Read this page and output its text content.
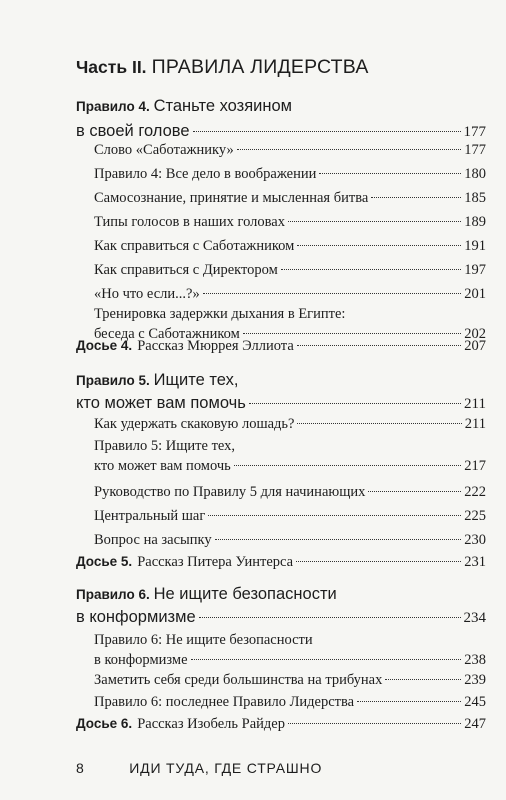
Часть II. ПРАВИЛА ЛИДЕРСТВА
Правило 4.
Станьте хозяином
в своей голове	177
Слово «Саботажнику»	177
Правило 4: Все дело в воображении	180
Самосознание, принятие и мысленная битва	185
Типы голосов в наших головах	189
Как справиться с Саботажником	191
Как справиться с Директором	197
«Но что если...?»	201
Тренировка задержки дыхания в Египте:
беседа с Саботажником	202
Досье 4. Рассказ Мюррея Эллиота	207
Правило 5.
Ищите тех,
кто может вам помочь	211
Как удержать скаковую лошадь?	211
Правило 5: Ищите тех,
кто может вам помочь	217
Руководство по Правилу 5 для начинающих	222
Центральный шаг	225
Вопрос на засыпку	230
Досье 5. Рассказ Питера Уинтерса	231
Правило 6.
Не ищите безопасности
в конформизме	234
Правило 6: Не ищите безопасности
в конформизме	238
Заметить себя среди большинства на трибунах	239
Правило 6: последнее Правило Лидерства	245
Досье 6. Рассказ Изобель Райдер	247
8	ИДИ ТУДА, ГДЕ СТРАШНО
